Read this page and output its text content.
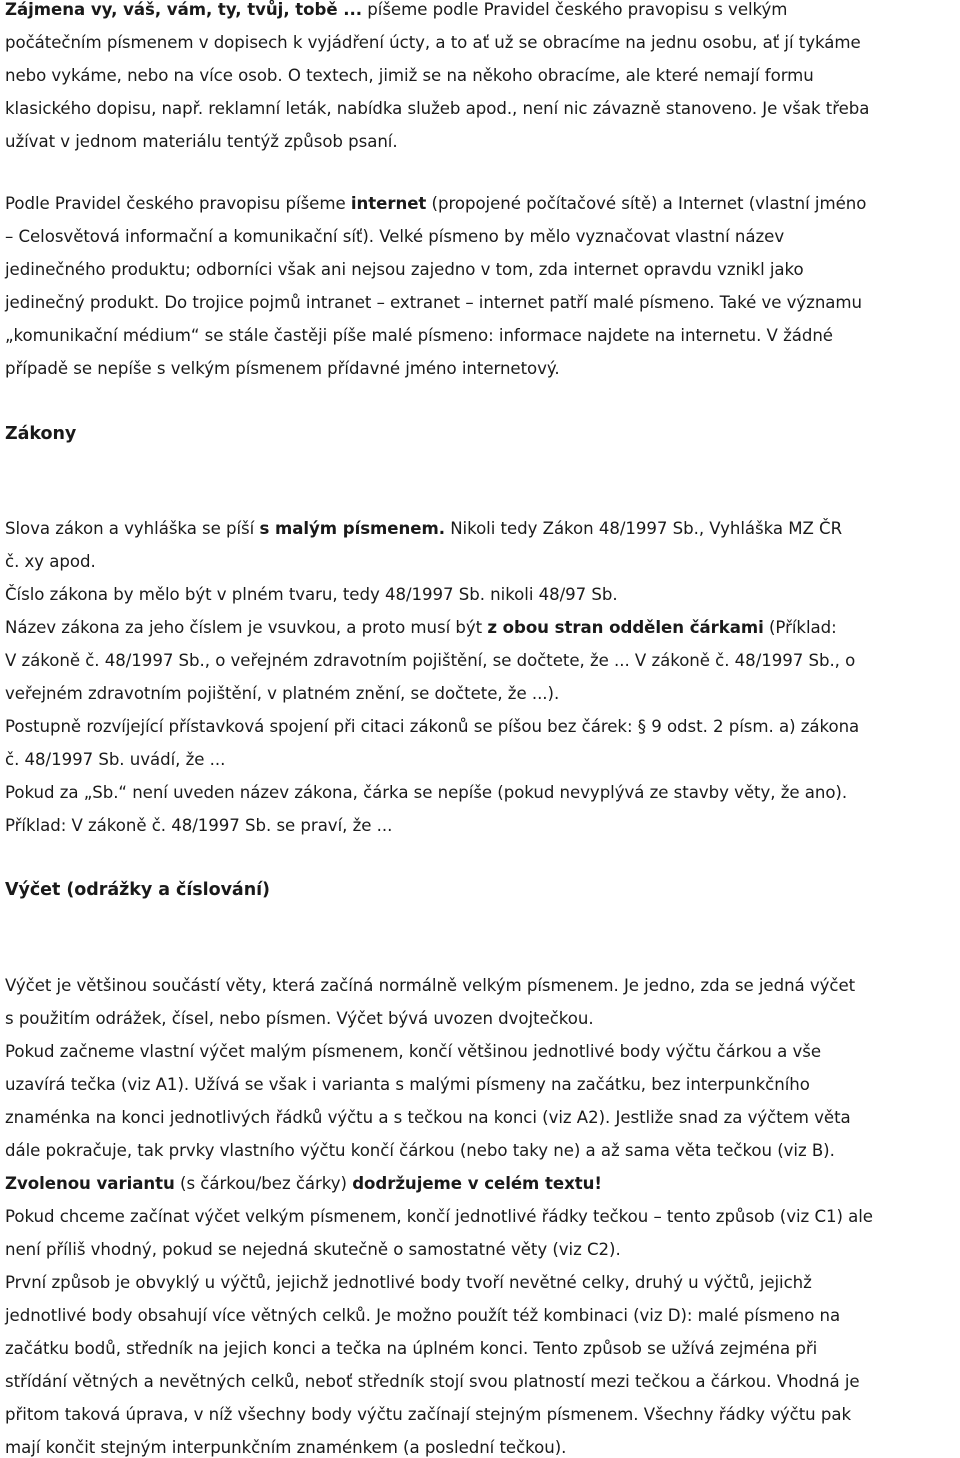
Zájmena vy, váš, vám, ty, tvůj, tobě ... píšeme podle Pravidel českého pravopisu s velkým
počátečním písmenem v dopisech k vyjádření úcty, a to ať už se obracíme na jednu osobu, ať jí tykáme
nebo vykáme, nebo na více osob. O textech, jimiž se na někoho obracíme, ale které nemají formu
klasického dopisu, např. reklamní leták, nabídka služeb apod., není nic závazně stanoveno. Je však třeba
užívat v jednom materiálu tentýž způsob psaní.
Podle Pravidel českého pravopisu píšeme internet (propojené počítačové sítě) a Internet (vlastní jméno
– Celosvětová informační a komunikační síť). Velké písmeno by mělo vyznačovat vlastní název
jedinečného produktu; odborníci však ani nejsou zajedno v tom, zda internet opravdu vznikl jako
jedinečný produkt. Do trojice pojmů intranet – extranet – internet patří malé písmeno. Také ve významu
„komunikační médium“ se stále častěji píše malé písmeno: informace najdete na internetu. V žádné
případě se nepíše s velkým písmenem přídavné jméno internetový.
Zákony
Slova zákon a vyhláška se píší s malým písmenem. Nikoli tedy Zákon 48/1997 Sb., Vyhláška MZ ČR
č. xy apod.
Číslo zákona by mělo být v plném tvaru, tedy 48/1997 Sb. nikoli 48/97 Sb.
Název zákona za jeho číslem je vsuvkou, a proto musí být z obou stran oddělen čárkami (Příklad:
V zákoně č. 48/1997 Sb., o veřejném zdravotním pojištění, se dočtete, že ... V zákoně č. 48/1997 Sb., o
veřejném zdravotním pojištění, v platném znění, se dočtete, že ...).
Postupně rozvíjející přístavková spojení při citaci zákonů se píšou bez čárek: § 9 odst. 2 písm. a) zákona
č. 48/1997 Sb. uvádí, že ...
Pokud za „Sb.“ není uveden název zákona, čárka se nepíše (pokud nevyplývá ze stavby věty, že ano).
Příklad: V zákoně č. 48/1997 Sb. se praví, že ...
Výčet (odrážky a číslování)
Výčet je většinou součástí věty, která začíná normálně velkým písmenem. Je jedno, zda se jedná výčet
s použitím odrážek, čísel, nebo písmen. Výčet bývá uvozen dvojtečkou.
Pokud začneme vlastní výčet malým písmenem, končí většinou jednotlivé body výčtu čárkou a vše
uzavírá tečka (viz A1). Užívá se však i varianta s malými písmeny na začátku, bez interpunkčního
znaménka na konci jednotlivých řádků výčtu a s tečkou na konci (viz A2). Jestliže snad za výčtem věta
dále pokračuje, tak prvky vlastního výčtu končí čárkou (nebo taky ne) a až sama věta tečkou (viz B).
Zvolenou variantu (s čárkou/bez čárky) dodržujeme v celém textu!
Pokud chceme začínat výčet velkým písmenem, končí jednotlivé řádky tečkou – tento způsob (viz C1) ale
není příliš vhodný, pokud se nejedná skutečně o samostatné věty (viz C2).
První způsob je obvyklý u výčtů, jejichž jednotlivé body tvoří nevětné celky, druhý u výčtů, jejichž
jednotlivé body obsahují více větných celků. Je možno použít též kombinaci (viz D): malé písmeno na
začátku bodů, středník na jejich konci a tečka na úplném konci. Tento způsob se užívá zejména při
střídání větných a nevětných celků, neboť středník stojí svou platností mezi tečkou a čárkou. Vhodná je
přitom taková úprava, v níž všechny body výčtu začínají stejným písmenem. Všechny řádky výčtu pak
mají končit stejným interpunkčním znaménkem (a poslední tečkou).
